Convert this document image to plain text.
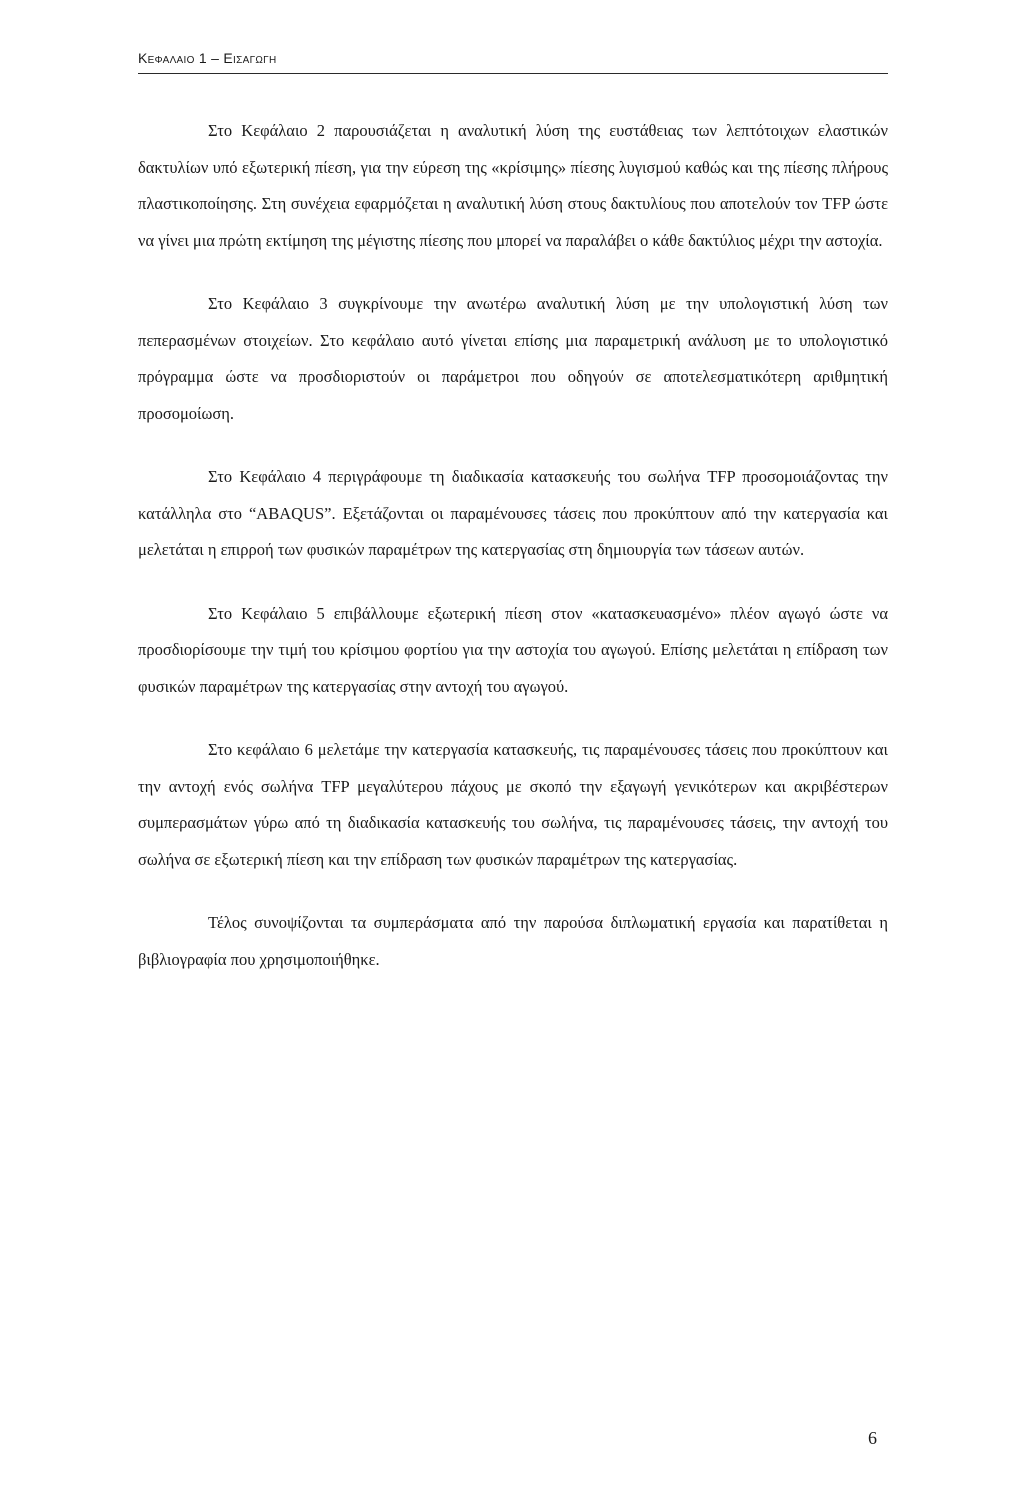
Κεφαλαιο 1 – Εισαγωγη

Στο Κεφάλαιο 2 παρουσιάζεται η αναλυτική λύση της ευστάθειας των λεπτότοιχων ελαστικών δακτυλίων υπό εξωτερική πίεση, για την εύρεση της «κρίσιμης» πίεσης λυγισμού καθώς και της πίεσης πλήρους πλαστικοποίησης. Στη συνέχεια εφαρμόζεται η αναλυτική λύση στους δακτυλίους που αποτελούν τον TFP ώστε να γίνει μια πρώτη εκτίμηση της μέγιστης πίεσης που μπορεί να παραλάβει ο κάθε δακτύλιος μέχρι την αστοχία.

Στο Κεφάλαιο 3 συγκρίνουμε την ανωτέρω αναλυτική λύση με την υπολογιστική λύση των πεπερασμένων στοιχείων. Στο κεφάλαιο αυτό γίνεται επίσης μια παραμετρική ανάλυση με το υπολογιστικό πρόγραμμα ώστε να προσδιοριστούν οι παράμετροι που οδηγούν σε αποτελεσματικότερη αριθμητική προσομοίωση.

Στο Κεφάλαιο 4 περιγράφουμε τη διαδικασία κατασκευής του σωλήνα TFP προσομοιάζοντας την κατάλληλα στο “ABAQUS”. Εξετάζονται οι παραμένουσες τάσεις που προκύπτουν από την κατεργασία και μελετάται η επιρροή των φυσικών παραμέτρων της κατεργασίας στη δημιουργία των τάσεων αυτών.

Στο Κεφάλαιο 5 επιβάλλουμε εξωτερική πίεση στον «κατασκευασμένο» πλέον αγωγό ώστε να προσδιορίσουμε την τιμή του κρίσιμου φορτίου για την αστοχία του αγωγού. Επίσης μελετάται η επίδραση των φυσικών παραμέτρων της κατεργασίας στην αντοχή του αγωγού.

Στο κεφάλαιο 6 μελετάμε την κατεργασία κατασκευής, τις παραμένουσες τάσεις που προκύπτουν και την αντοχή ενός σωλήνα TFP μεγαλύτερου πάχους με σκοπό την εξαγωγή γενικότερων και ακριβέστερων συμπερασμάτων γύρω από τη διαδικασία κατασκευής του σωλήνα, τις παραμένουσες τάσεις, την αντοχή του σωλήνα σε εξωτερική πίεση και την επίδραση των φυσικών παραμέτρων της κατεργασίας.

Τέλος συνοψίζονται τα συμπεράσματα από την παρούσα διπλωματική εργασία και παρατίθεται η βιβλιογραφία που χρησιμοποιήθηκε.

6
